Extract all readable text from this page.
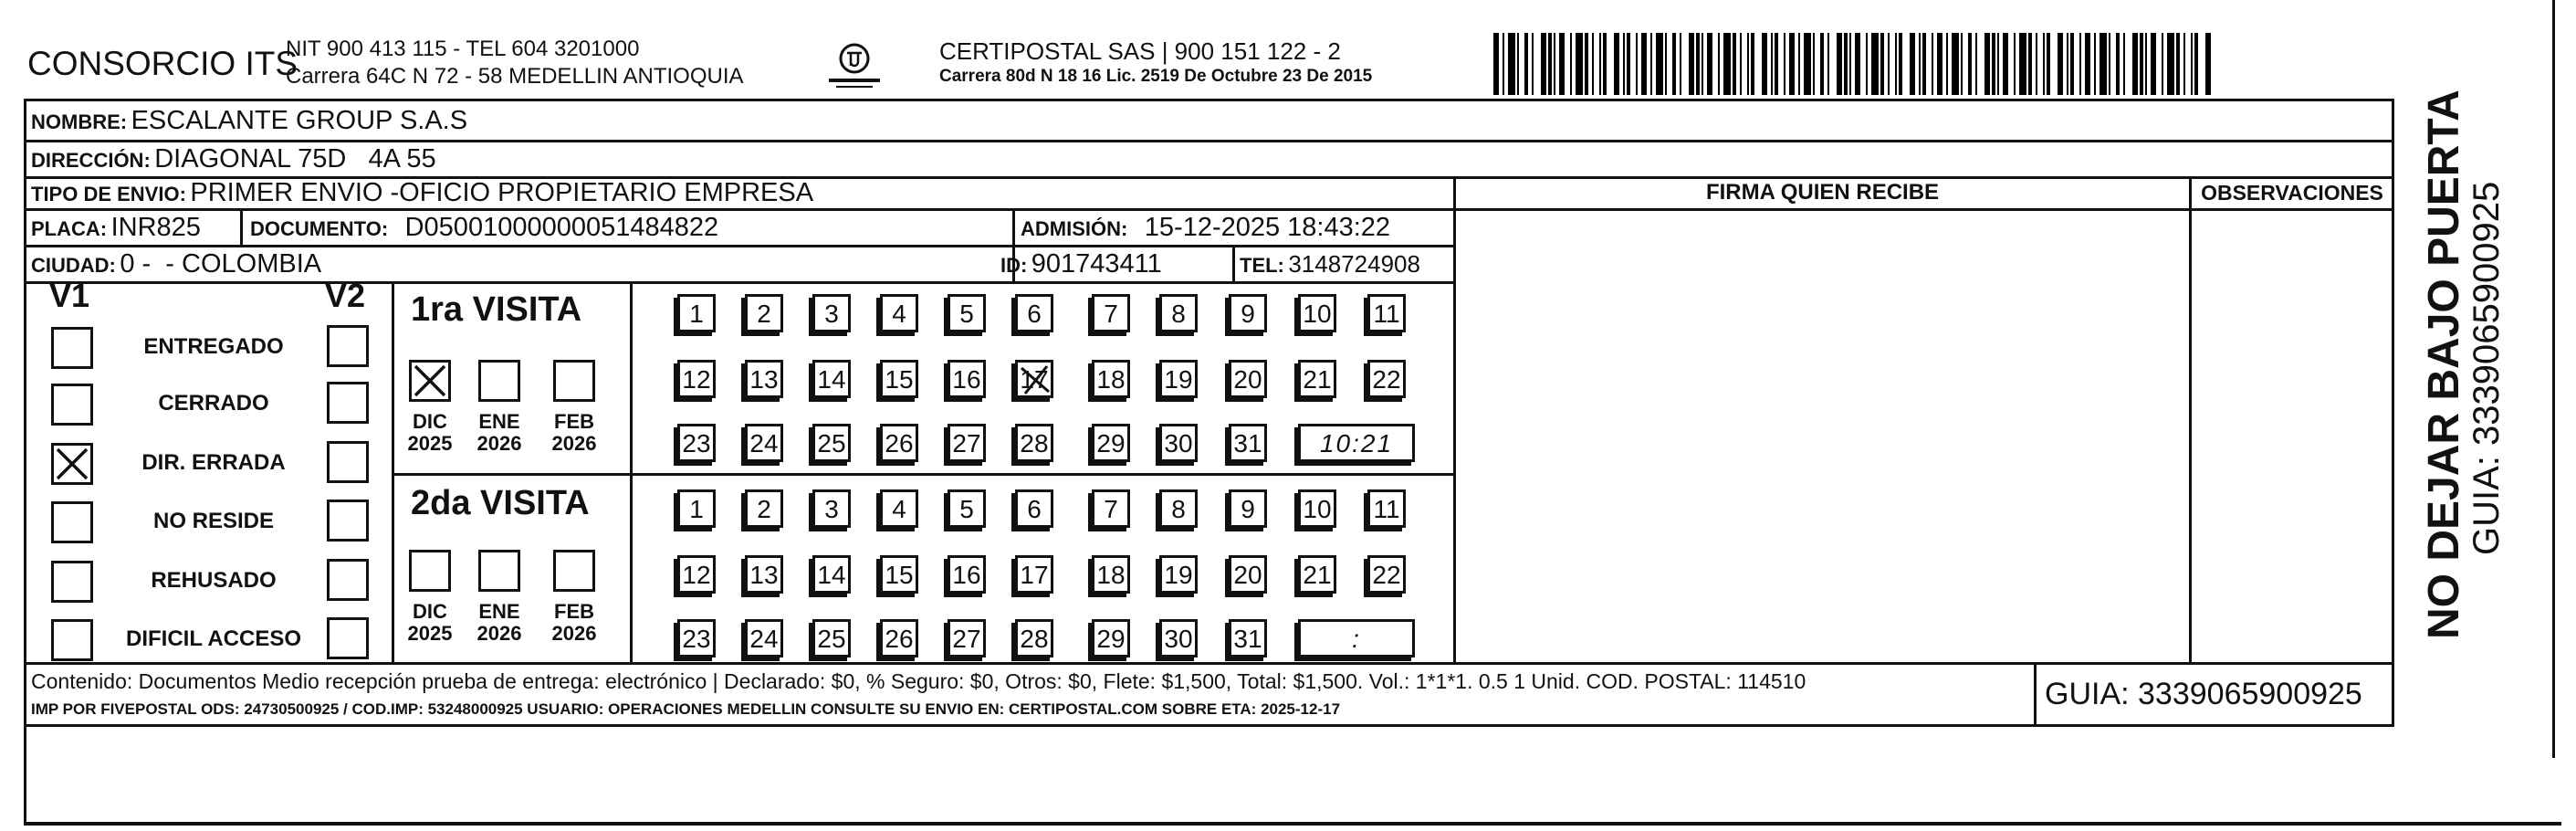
CONSORCIO ITS
NIT 900 413 115 - TEL 604 3201000
Carrera 64C N 72 - 58 MEDELLIN ANTIOQUIA
CERTIPOSTAL SAS | 900 151 122 - 2
Carrera 80d N 18 16 Lic. 2519 De Octubre 23 De 2015
NOMBRE: ESCALANTE GROUP S.A.S
DIRECCIÓN: DIAGONAL 75D   4A 55
TIPO DE ENVIO: PRIMER ENVIO -OFICIO PROPIETARIO EMPRESA	FIRMA QUIEN RECIBE	OBSERVACIONES
PLACA: INR825 DOCUMENTO: D05001000000051484822	ADMISIÓN: 15-12-2025 18:43:22
CIUDAD: 0 -  - COLOMBIA	ID: 901743411	TEL: 3148724908
V1	V2
ENTREGADO
CERRADO
DIR. ERRADA
NO RESIDE
REHUSADO
DIFICIL ACCESO
1ra VISITA
DIC
2025
ENE
2026
FEB
2026
1	2	3	4	5	6	7	8	9	10 11
12 13 14 15 16 17 18 19 20 21 22
23 24 25 26 27 28 29 30 31	10:21
2da VISITA
DIC
2025
ENE
2026
FEB
2026
1	2	3	4	5	6	7	8	9	10 11
12 13 14 15 16 17 18 19 20 21 22
23 24 25 26 27 28 29 30 31	:
Contenido: Documentos Medio recepción prueba de entrega: electrónico | Declarado: $0, % Seguro: $0, Otros: $0, Flete: $1,500, Total: $1,500. Vol.: 1*1*1. 0.5 1 Unid. COD. POSTAL: 114510
IMP POR FIVEPOSTAL ODS: 24730500925 / COD.IMP: 53248000925 USUARIO: OPERACIONES MEDELLIN CONSULTE SU ENVIO EN: CERTIPOSTAL.COM SOBRE ETA: 2025-12-17	GUIA: 3339065900925
NO DEJAR BAJO PUERTA
GUIA: 3339065900925
